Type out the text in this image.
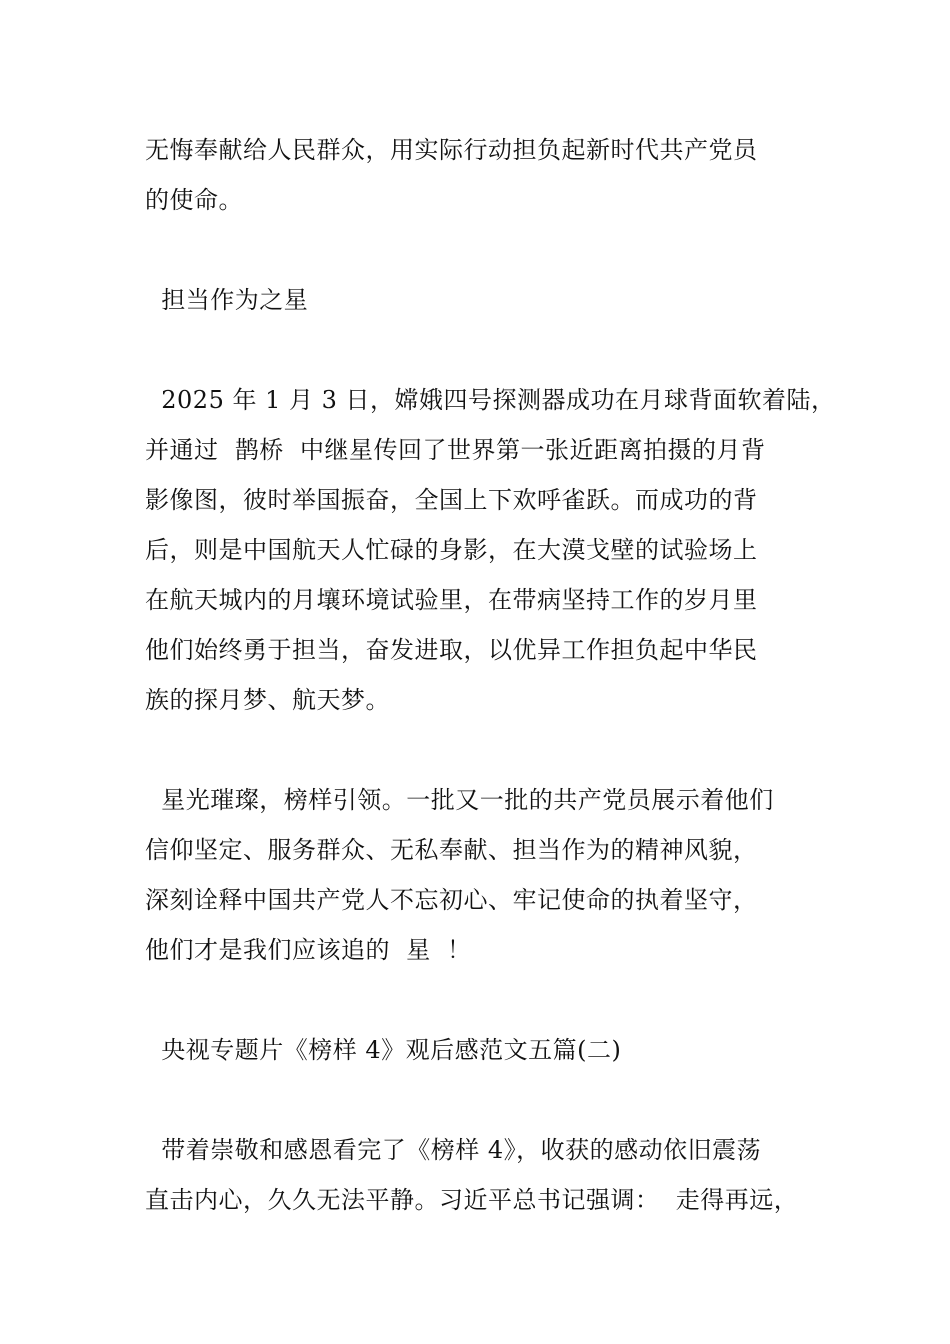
无悔奉献给人民群众，用实际行动担负起新时代共产党员
的使命。
担当作为之星
2025 年 1 月 3 日，嫦娥四号探测器成功在月球背面软着陆，
并通过  鹊桥  中继星传回了世界第一张近距离拍摄的月背
影像图，彼时举国振奋，全国上下欢呼雀跃。而成功的背
后，则是中国航天人忙碌的身影，在大漠戈壁的试验场上
在航天城内的月壤环境试验里，在带病坚持工作的岁月里
他们始终勇于担当，奋发进取，以优异工作担负起中华民
族的探月梦、航天梦。
星光璀璨，榜样引领。一批又一批的共产党员展示着他们
信仰坚定、服务群众、无私奉献、担当作为的精神风貌，
深刻诠释中国共产党人不忘初心、牢记使命的执着坚守，
他们才是我们应该追的  星  ！
央视专题片《榜样 4》观后感范文五篇(二)
带着崇敬和感恩看完了《榜样 4》，收获的感动依旧震荡
直击内心，久久无法平静。习近平总书记强调：  走得再远，
